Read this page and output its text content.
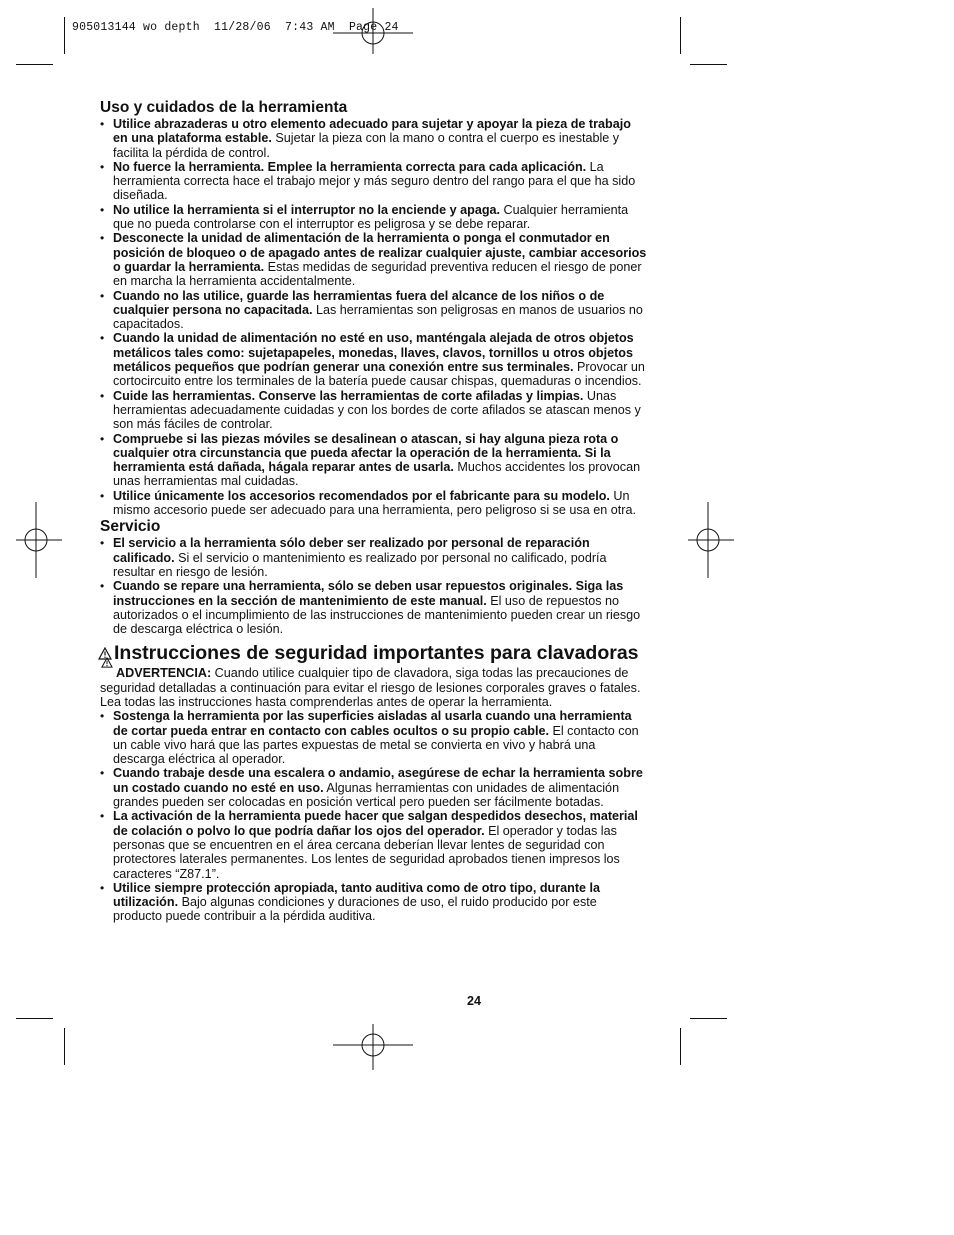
905013144 wo depth  11/28/06  7:43 AM  Page 24
Uso y cuidados de la herramienta

• Utilice abrazaderas u otro elemento adecuado para sujetar y apoyar la pieza de trabajo en una plataforma estable. Sujetar la pieza con la mano o contra el cuerpo es inestable y facilita la pérdida de control.

• No fuerce la herramienta. Emplee la herramienta correcta para cada aplicación. La herramienta correcta hace el trabajo mejor y más seguro dentro del rango para el que ha sido diseñada.

• No utilice la herramienta si el interruptor no la enciende y apaga. Cualquier herramienta que no pueda controlarse con el interruptor es peligrosa y se debe reparar.

• Desconecte la unidad de alimentación de la herramienta o ponga el conmutador en posición de bloqueo o de apagado antes de realizar cualquier ajuste, cambiar accesorios o guardar la herramienta. Estas medidas de seguridad preventiva reducen el riesgo de poner en marcha la herramienta accidentalmente.

• Cuando no las utilice, guarde las herramientas fuera del alcance de los niños o de cualquier persona no capacitada. Las herramientas son peligrosas en manos de usuarios no capacitados.

• Cuando la unidad de alimentación no esté en uso, manténgala alejada de otros objetos metálicos tales como: sujetapapeles, monedas, llaves, clavos, tornillos u otros objetos metálicos pequeños que podrían generar una conexión entre sus terminales. Provocar un cortocircuito entre los terminales de la batería puede causar chispas, quemaduras o incendios.

• Cuide las herramientas. Conserve las herramientas de corte afiladas y limpias. Unas herramientas adecuadamente cuidadas y con los bordes de corte afilados se atascan menos y son más fáciles de controlar.

• Compruebe si las piezas móviles se desalinean o atascan, si hay alguna pieza rota o cualquier otra circunstancia que pueda afectar la operación de la herramienta. Si la herramienta está dañada, hágala reparar antes de usarla. Muchos accidentes los provocan unas herramientas mal cuidadas.

• Utilice únicamente los accesorios recomendados por el fabricante para su modelo. Un mismo accesorio puede ser adecuado para una herramienta, pero peligroso si se usa en otra.

Servicio

• El servicio a la herramienta sólo deber ser realizado por personal de reparación calificado. Si el servicio o mantenimiento es realizado por personal no calificado, podría resultar en riesgo de lesión.

• Cuando se repare una herramienta, sólo se deben usar repuestos originales. Siga las instrucciones en la sección de mantenimiento de este manual. El uso de repuestos no autorizados o el incumplimiento de las instrucciones de mantenimiento pueden crear un riesgo de descarga eléctrica o lesión.

Instrucciones de seguridad importantes para clavadoras

ADVERTENCIA: Cuando utilice cualquier tipo de clavadora, siga todas las precauciones de seguridad detalladas a continuación para evitar el riesgo de lesiones corporales graves o fatales. Lea todas las instrucciones hasta comprenderlas antes de operar la herramienta.

• Sostenga la herramienta por las superficies aisladas al usarla cuando una herramienta de cortar pueda entrar en contacto con cables ocultos o su propio cable. El contacto con un cable vivo hará que las partes expuestas de metal se convierta en vivo y habrá una descarga eléctrica al operador.

• Cuando trabaje desde una escalera o andamio, asegúrese de echar la herramienta sobre un costado cuando no esté en uso. Algunas herramientas con unidades de alimentación grandes pueden ser colocadas en posición vertical pero pueden ser fácilmente botadas.

• La activación de la herramienta puede hacer que salgan despedidos desechos, material de colación o polvo lo que podría dañar los ojos del operador. El operador y todas las personas que se encuentren en el área cercana deberían llevar lentes de seguridad con protectores laterales permanentes. Los lentes de seguridad aprobados tienen impresos los caracteres “Z87.1”.

• Utilice siempre protección apropiada, tanto auditiva como de otro tipo, durante la utilización. Bajo algunas condiciones y duraciones de uso, el ruido producido por este producto puede contribuir a la pérdida auditiva.

24
